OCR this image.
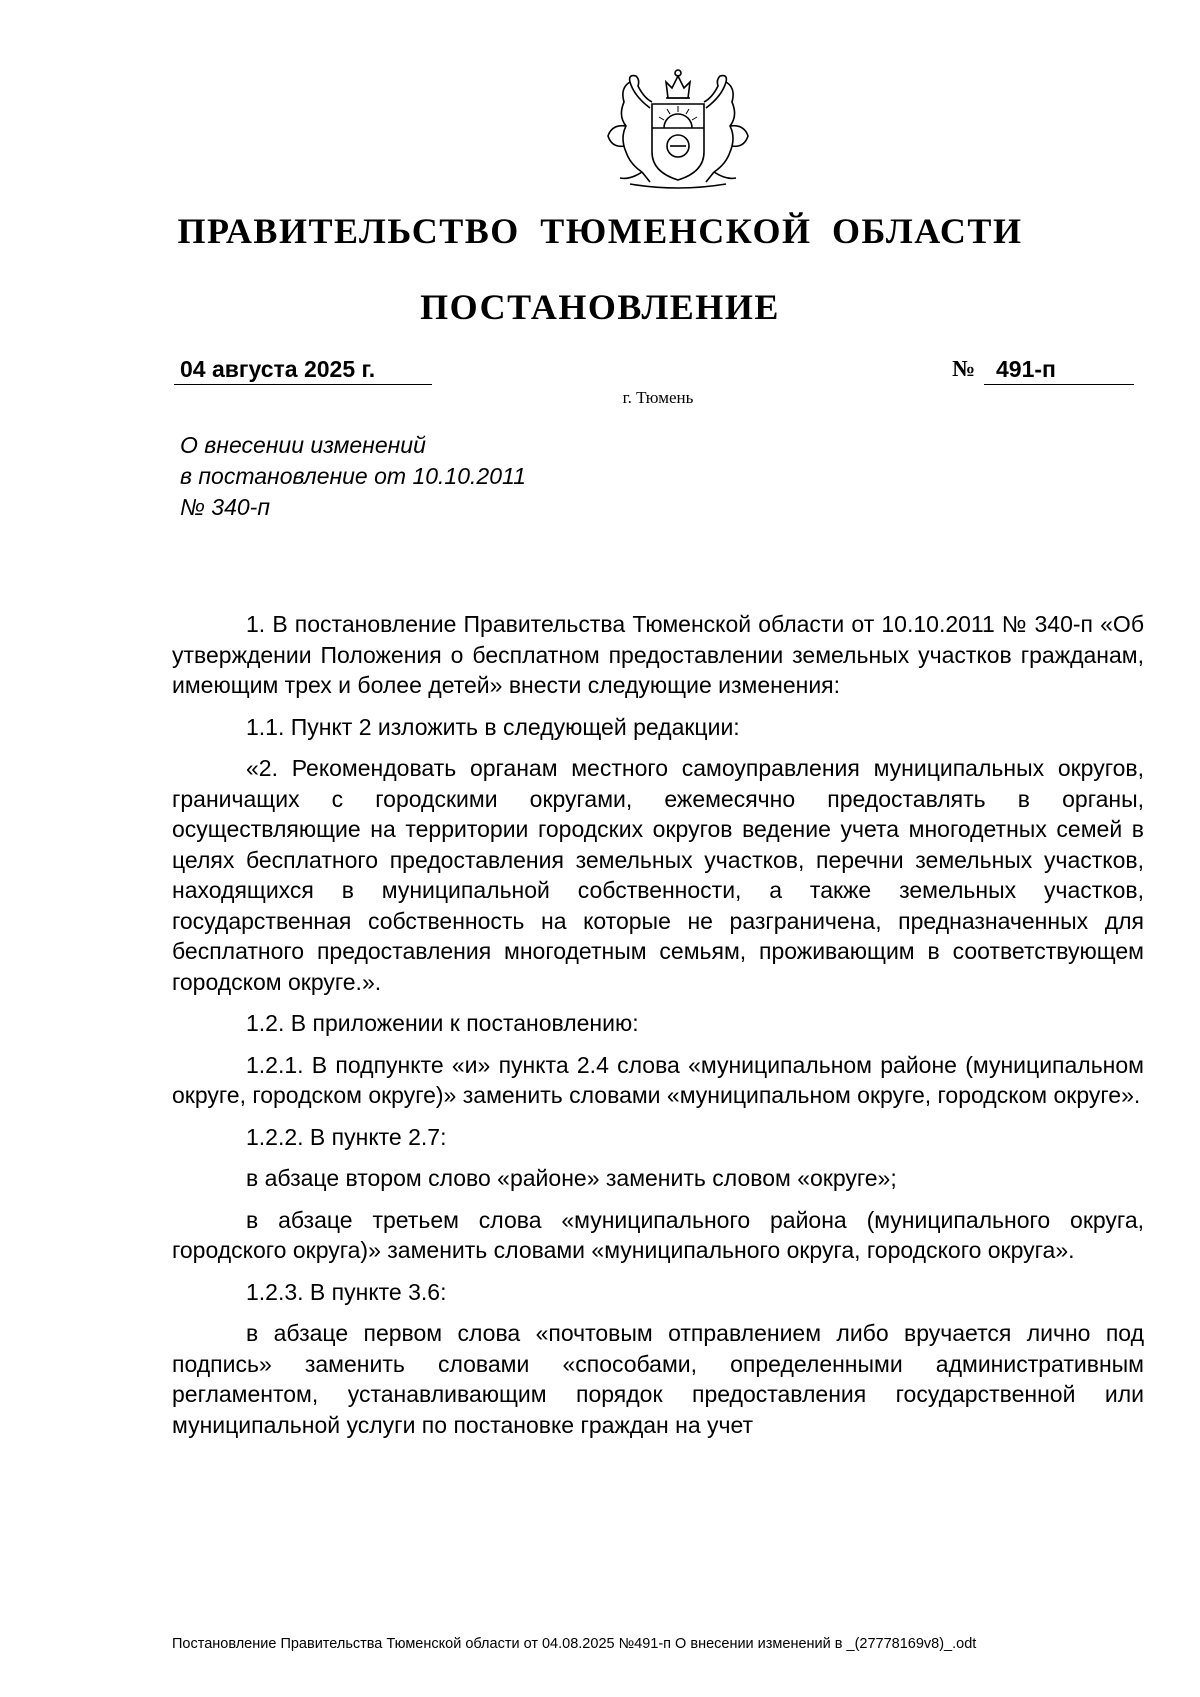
ПРАВИТЕЛЬСТВО ТЮМЕНСКОЙ ОБЛАСТИ
ПОСТАНОВЛЕНИЕ
04 августа 2025 г.	№ 491-п
г. Тюмень
О внесении изменений
в постановление от 10.10.2011
№ 340-п

1. В постановление Правительства Тюменской области от 10.10.2011 № 340-п «Об утверждении Положения о бесплатном предоставлении земельных участков гражданам, имеющим трех и более детей» внести следующие изменения:

1.1. Пункт 2 изложить в следующей редакции:

«2. Рекомендовать органам местного самоуправления муниципальных округов, граничащих с городскими округами, ежемесячно предоставлять в органы, осуществляющие на территории городских округов ведение учета многодетных семей в целях бесплатного предоставления земельных участков, перечни земельных участков, находящихся в муниципальной собственности, а также земельных участков, государственная собственность на которые не разграничена, предназначенных для бесплатного предоставления многодетным семьям, проживающим в соответствующем городском округе.».

1.2. В приложении к постановлению:

1.2.1. В подпункте «и» пункта 2.4 слова «муниципальном районе (муниципальном округе, городском округе)» заменить словами «муниципальном округе, городском округе».

1.2.2. В пункте 2.7:

в абзаце втором слово «районе» заменить словом «округе»;

в абзаце третьем слова «муниципального района (муниципального округа, городского округа)» заменить словами «муниципального округа, городского округа».

1.2.3. В пункте 3.6:

в абзаце первом слова «почтовым отправлением либо вручается лично под подпись» заменить словами «способами, определенными административным регламентом, устанавливающим порядок предоставления государственной или муниципальной услуги по постановке граждан на учет

Постановление Правительства Тюменской области от 04.08.2025 №491-п О внесении изменений в _(27778169v8)_.odt
